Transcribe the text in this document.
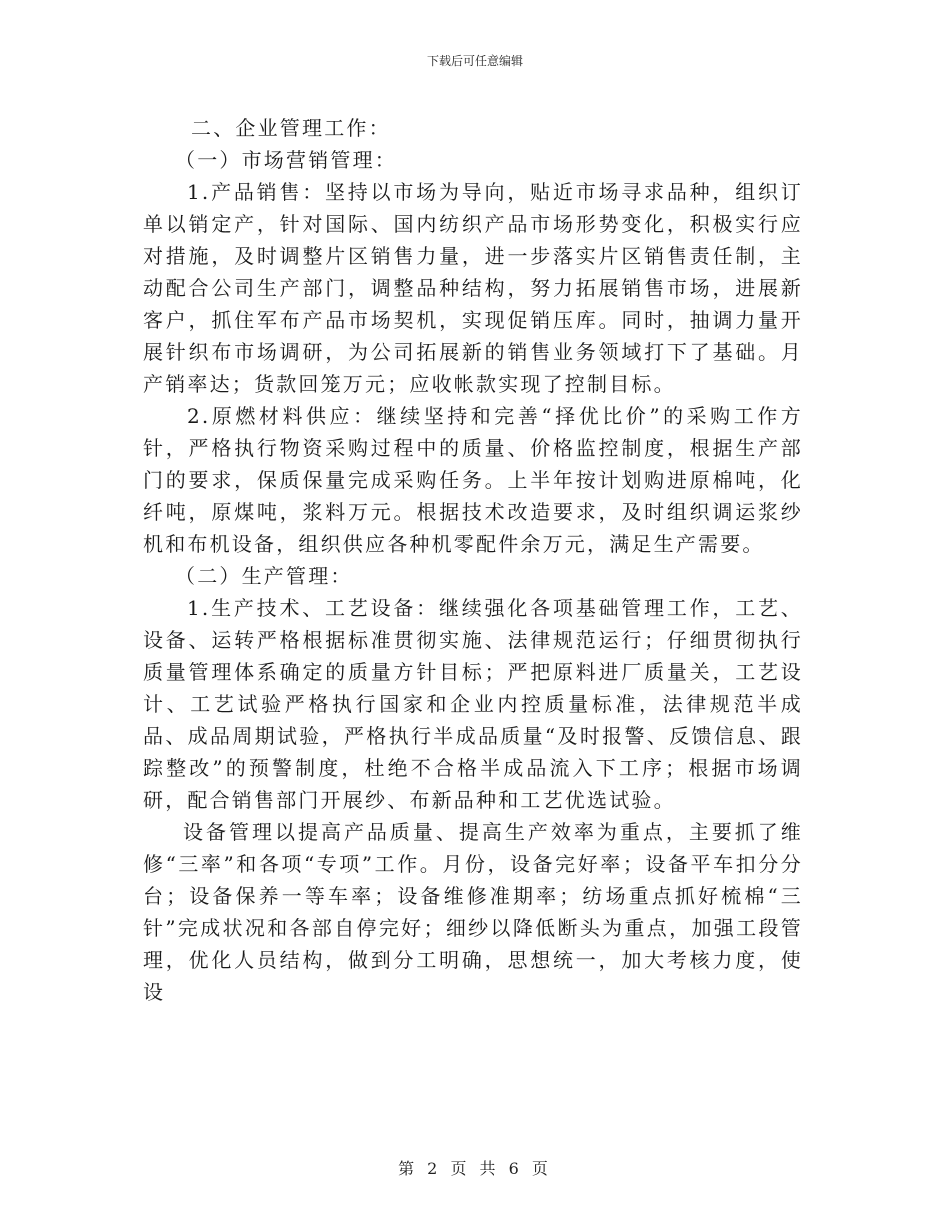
下载后可任意编辑

二、企业管理工作：

（一）市场营销管理：

1.产品销售：坚持以市场为导向，贴近市场寻求品种，组织订单以销定产，针对国际、国内纺织产品市场形势变化，积极实行应对措施，及时调整片区销售力量，进一步落实片区销售责任制，主动配合公司生产部门，调整品种结构，努力拓展销售市场，进展新客户，抓住军布产品市场契机，实现促销压库。同时，抽调力量开展针织布市场调研，为公司拓展新的销售业务领域打下了基础。月产销率达；货款回笼万元；应收帐款实现了控制目标。

2.原燃材料供应：继续坚持和完善“择优比价”的采购工作方针，严格执行物资采购过程中的质量、价格监控制度，根据生产部门的要求，保质保量完成采购任务。上半年按计划购进原棉吨，化纤吨，原煤吨，浆料万元。根据技术改造要求，及时组织调运浆纱机和布机设备，组织供应各种机零配件余万元，满足生产需要。

（二）生产管理：

1.生产技术、工艺设备：继续强化各项基础管理工作，工艺、设备、运转严格根据标准贯彻实施、法律规范运行；仔细贯彻执行质量管理体系确定的质量方针目标；严把原料进厂质量关，工艺设计、工艺试验严格执行国家和企业内控质量标准，法律规范半成品、成品周期试验，严格执行半成品质量“及时报警、反馈信息、跟踪整改”的预警制度，杜绝不合格半成品流入下工序；根据市场调研，配合销售部门开展纱、布新品种和工艺优选试验。

设备管理以提高产品质量、提高生产效率为重点，主要抓了维修“三率”和各项“专项”工作。月份，设备完好率；设备平车扣分分台；设备保养一等车率；设备维修准期率；纺场重点抓好梳棉“三针”完成状况和各部自停完好；细纱以降低断头为重点，加强工段管理，优化人员结构，做到分工明确，思想统一，加大考核力度，使设

第 2 页 共 6 页
